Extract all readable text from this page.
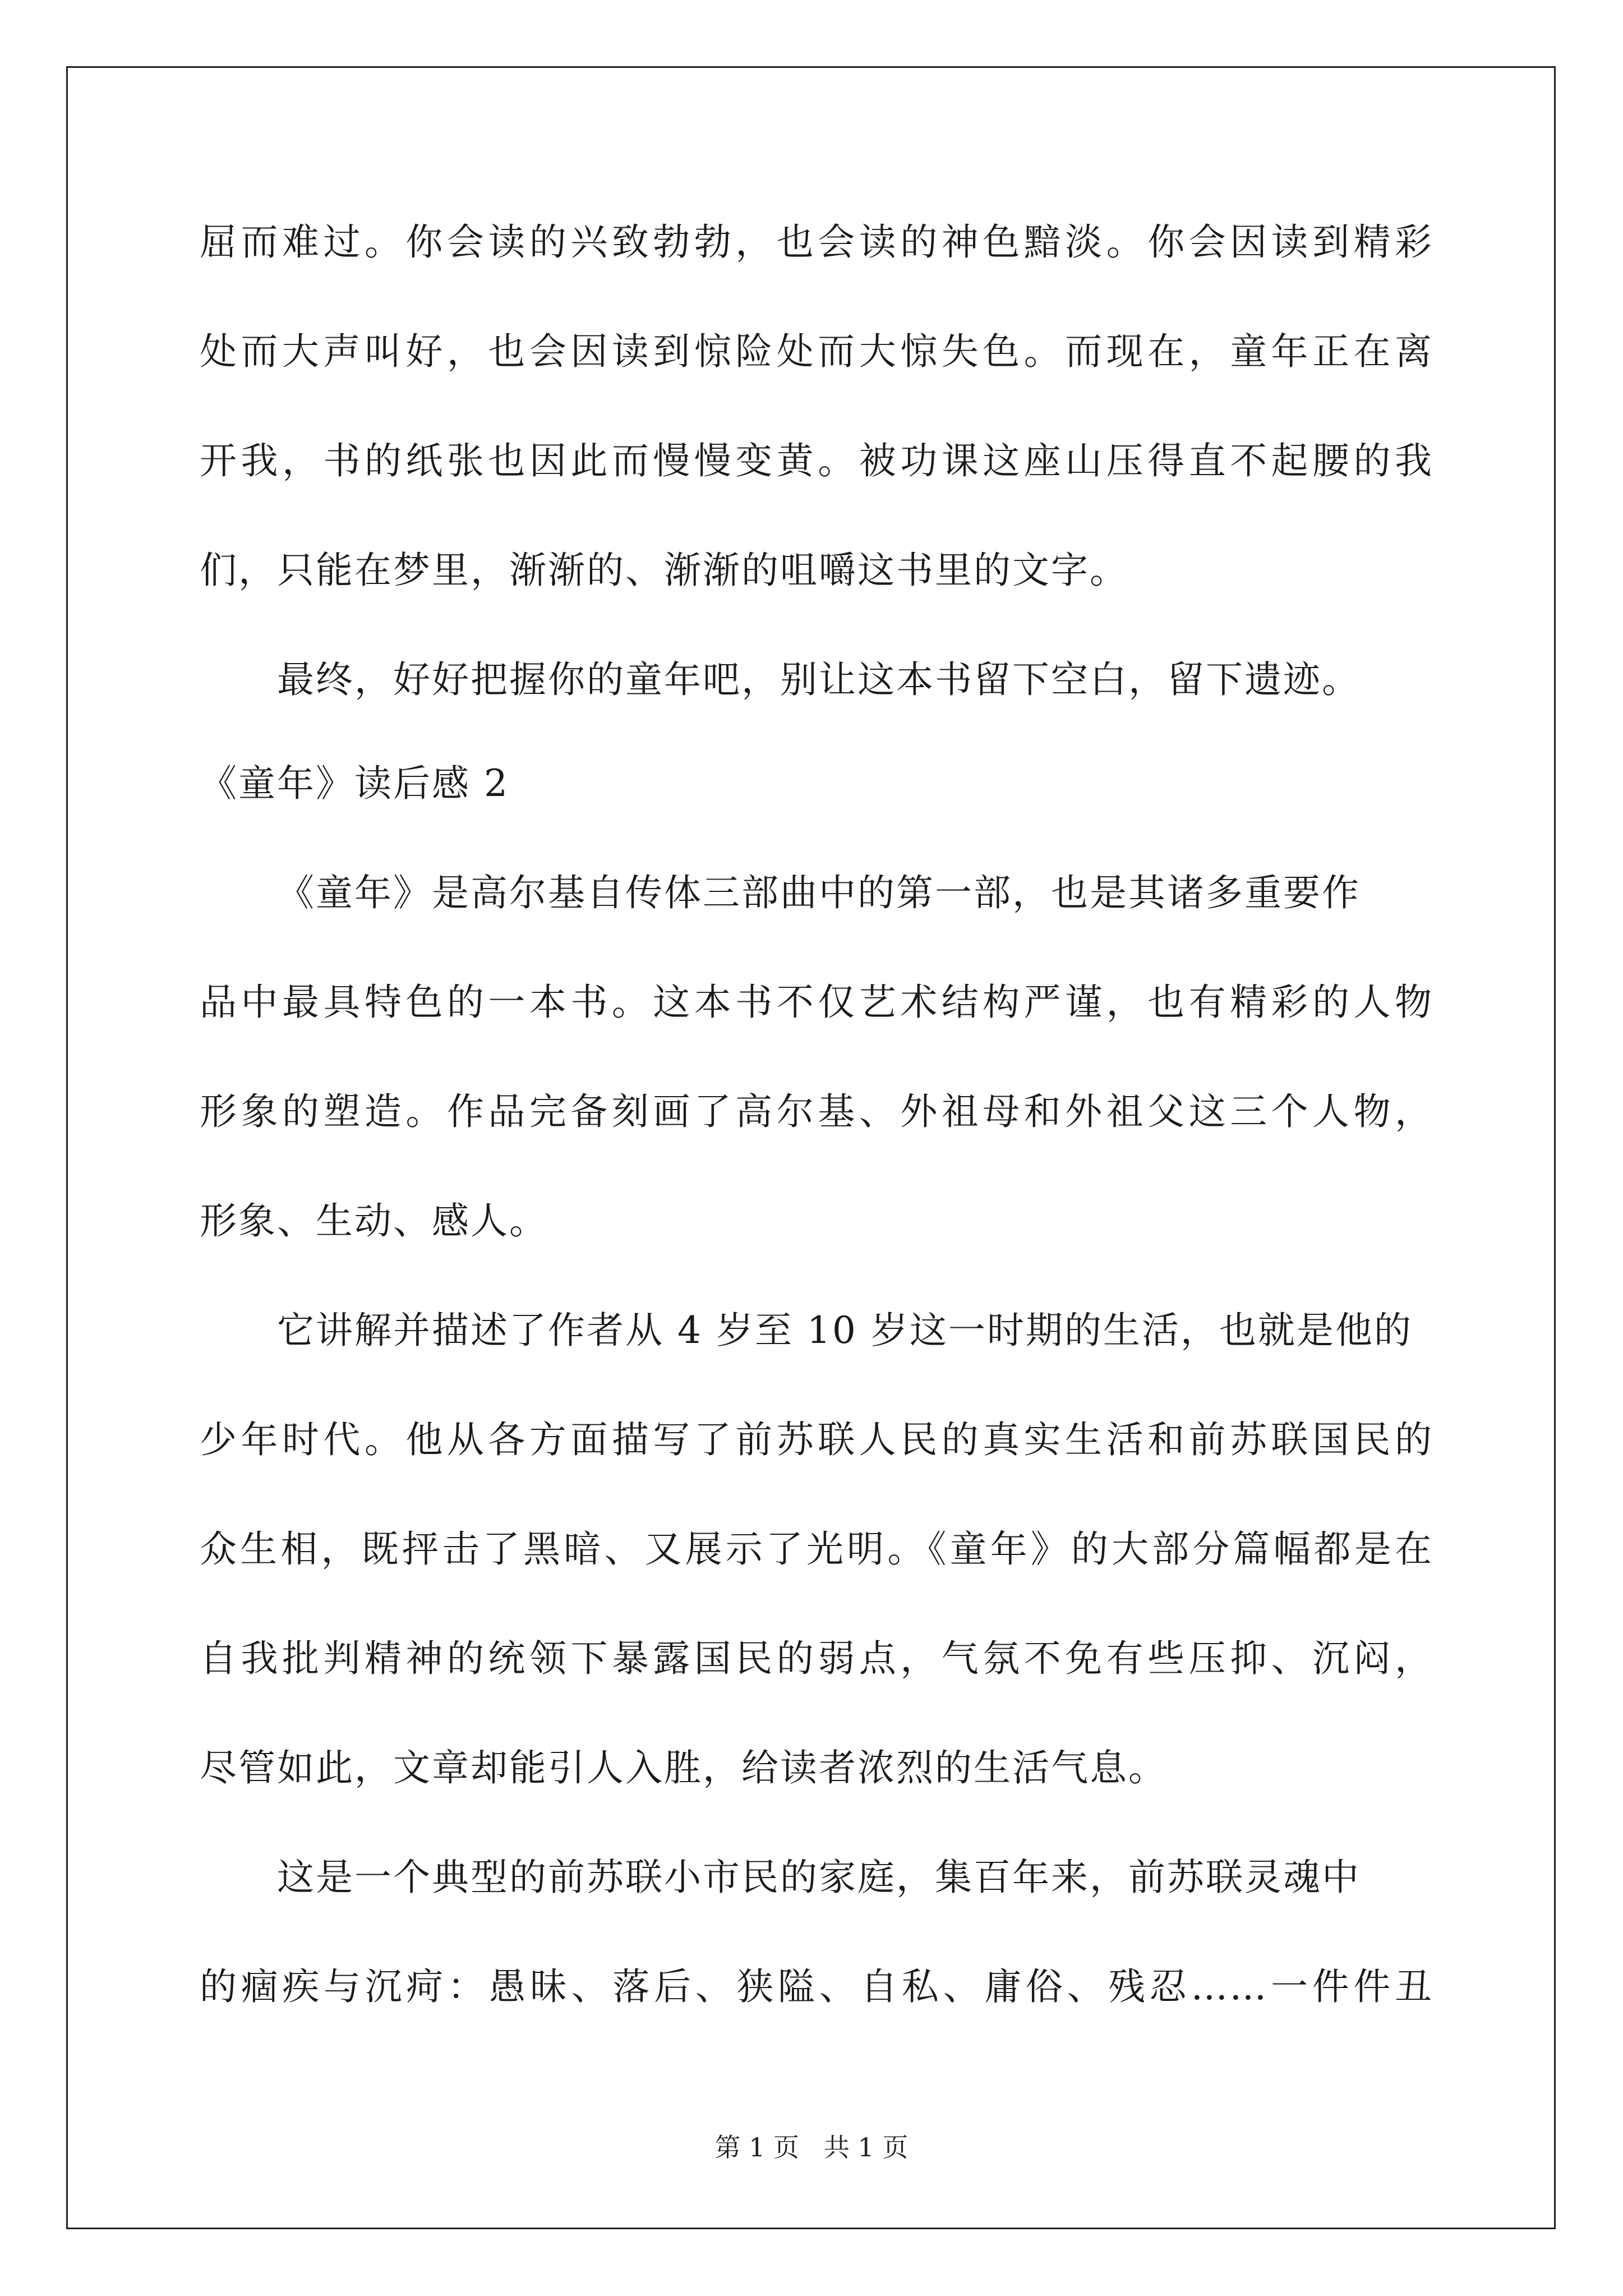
屈而难过。你会读的兴致勃勃，也会读的神色黯淡。你会因读到精彩
处而大声叫好，也会因读到惊险处而大惊失色。而现在，童年正在离
开我，书的纸张也因此而慢慢变黄。被功课这座山压得直不起腰的我
们，只能在梦里，渐渐的、渐渐的咀嚼这书里的文字。
最终，好好把握你的童年吧，别让这本书留下空白，留下遗迹。
《童年》读后感 2
《童年》是高尔基自传体三部曲中的第一部，也是其诸多重要作
品中最具特色的一本书。这本书不仅艺术结构严谨，也有精彩的人物
形象的塑造。作品完备刻画了高尔基、外祖母和外祖父这三个人物，
形象、生动、感人。
它讲解并描述了作者从 4 岁至 10 岁这一时期的生活，也就是他的
少年时代。他从各方面描写了前苏联人民的真实生活和前苏联国民的
众生相，既抨击了黑暗、又展示了光明。《童年》的大部分篇幅都是在
自我批判精神的统领下暴露国民的弱点，气氛不免有些压抑、沉闷，
尽管如此，文章却能引人入胜，给读者浓烈的生活气息。
这是一个典型的前苏联小市民的家庭，集百年来，前苏联灵魂中
的痼疾与沉疴：愚昧、落后、狭隘、自私、庸俗、残忍……一件件丑
第 1 页   共 1 页
